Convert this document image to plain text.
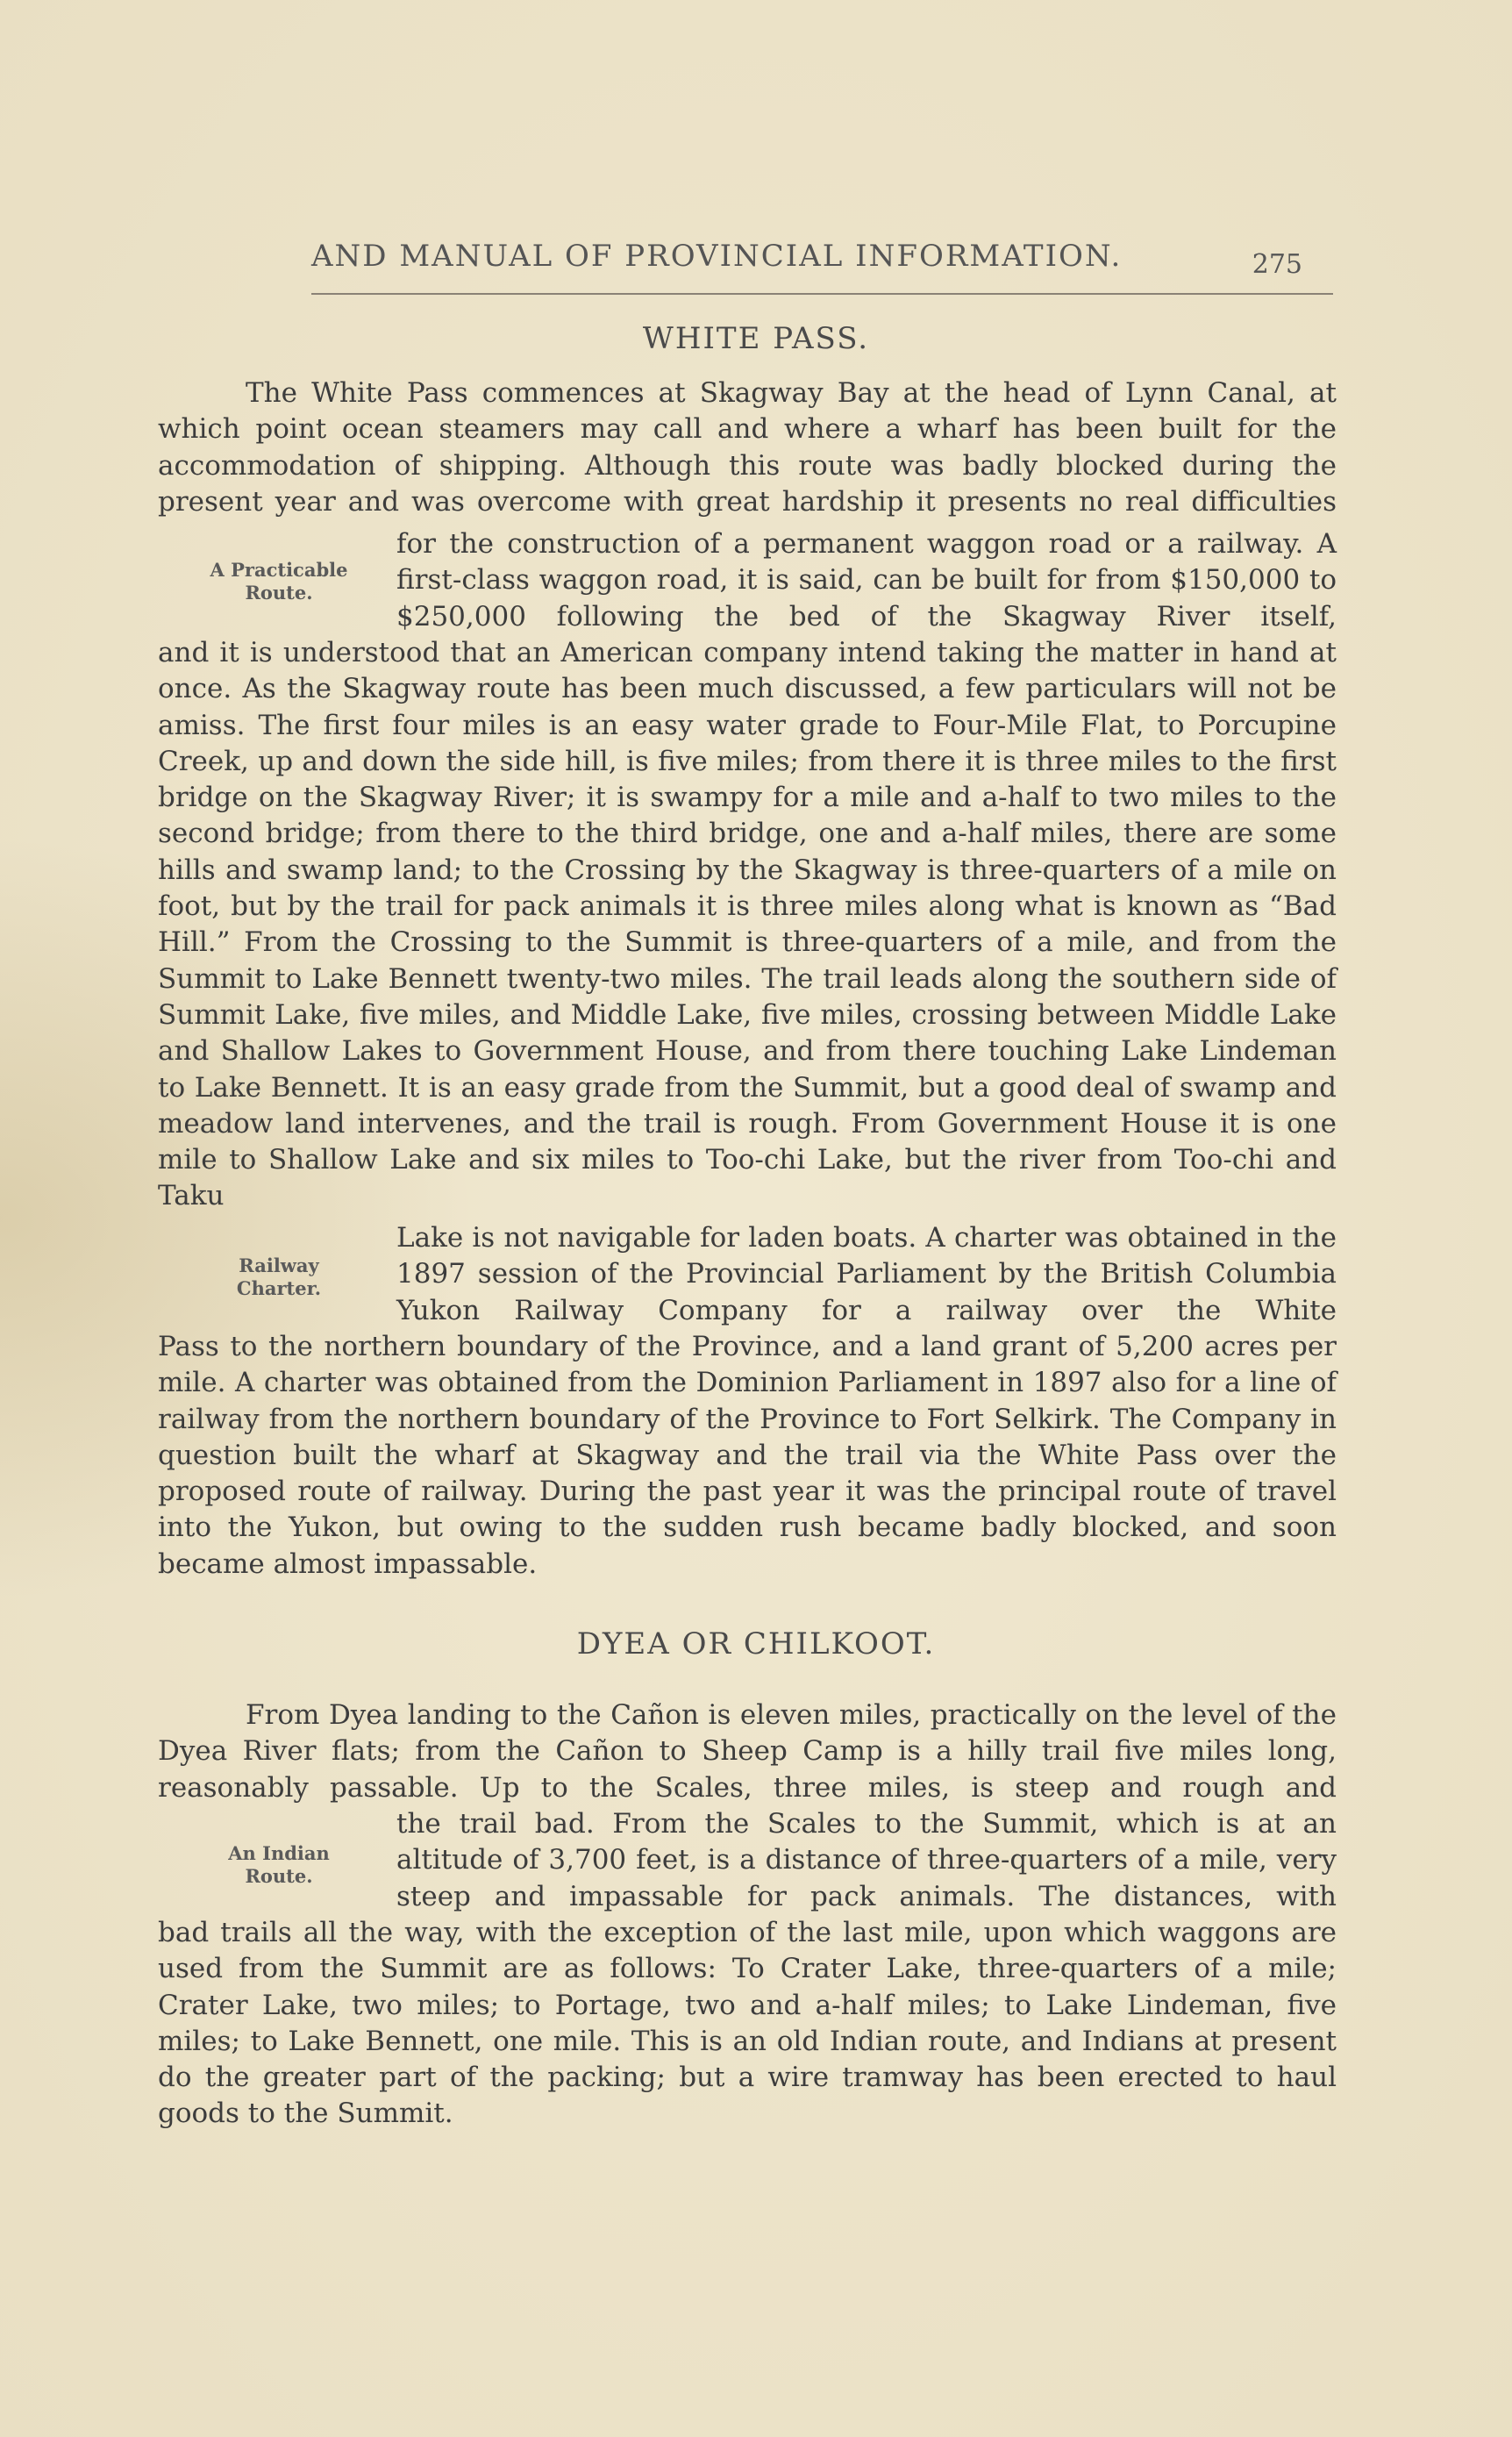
AND MANUAL OF PROVINCIAL INFORMATION.	275
WHITE PASS.
The White Pass commences at Skagway Bay at the head of Lynn Canal, at which point ocean steamers may call and where a wharf has been built for the accommodation of shipping. Although this route was badly blocked during the present year and was overcome with great hardship it presents no real difficulties
A Practicable Route.
for the construction of a permanent waggon road or a railway. A first-class waggon road, it is said, can be built for from $150,000 to $250,000 following the bed of the Skagway River itself,
and it is understood that an American company intend taking the matter in hand at once. As the Skagway route has been much discussed, a few particulars will not be amiss. The first four miles is an easy water grade to Four-Mile Flat, to Porcupine Creek, up and down the side hill, is five miles; from there it is three miles to the first bridge on the Skagway River; it is swampy for a mile and a-half to two miles to the second bridge; from there to the third bridge, one and a-half miles, there are some hills and swamp land; to the Crossing by the Skagway is three-quarters of a mile on foot, but by the trail for pack animals it is three miles along what is known as “Bad Hill.” From the Crossing to the Summit is three-quarters of a mile, and from the Summit to Lake Bennett twenty-two miles. The trail leads along the southern side of Summit Lake, five miles, and Middle Lake, five miles, crossing between Middle Lake and Shallow Lakes to Government House, and from there touching Lake Lindeman to Lake Bennett. It is an easy grade from the Summit, but a good deal of swamp and meadow land intervenes, and the trail is rough. From Government House it is one mile to Shallow Lake and six miles to Too-chi Lake, but the river from Too-chi and Taku
Railway Charter.
Lake is not navigable for laden boats. A charter was obtained in the 1897 session of the Provincial Parliament by the British Columbia Yukon Railway Company for a railway over the White
Pass to the northern boundary of the Province, and a land grant of 5,200 acres per mile. A charter was obtained from the Dominion Parliament in 1897 also for a line of railway from the northern boundary of the Province to Fort Selkirk. The Company in question built the wharf at Skagway and the trail via the White Pass over the proposed route of railway. During the past year it was the principal route of travel into the Yukon, but owing to the sudden rush became badly blocked, and soon became almost impassable.
DYEA OR CHILKOOT.
From Dyea landing to the Cañon is eleven miles, practically on the level of the Dyea River flats; from the Cañon to Sheep Camp is a hilly trail five miles long, reasonably passable. Up to the Scales, three miles, is steep and rough and
An Indian Route.
the trail bad. From the Scales to the Summit, which is at an altitude of 3,700 feet, is a distance of three-quarters of a mile, very steep and impassable for pack animals. The distances, with
bad trails all the way, with the exception of the last mile, upon which waggons are used from the Summit are as follows: To Crater Lake, three-quarters of a mile; Crater Lake, two miles; to Portage, two and a-half miles; to Lake Lindeman, five miles; to Lake Bennett, one mile. This is an old Indian route, and Indians at present do the greater part of the packing; but a wire tramway has been erected to haul goods to the Summit.
